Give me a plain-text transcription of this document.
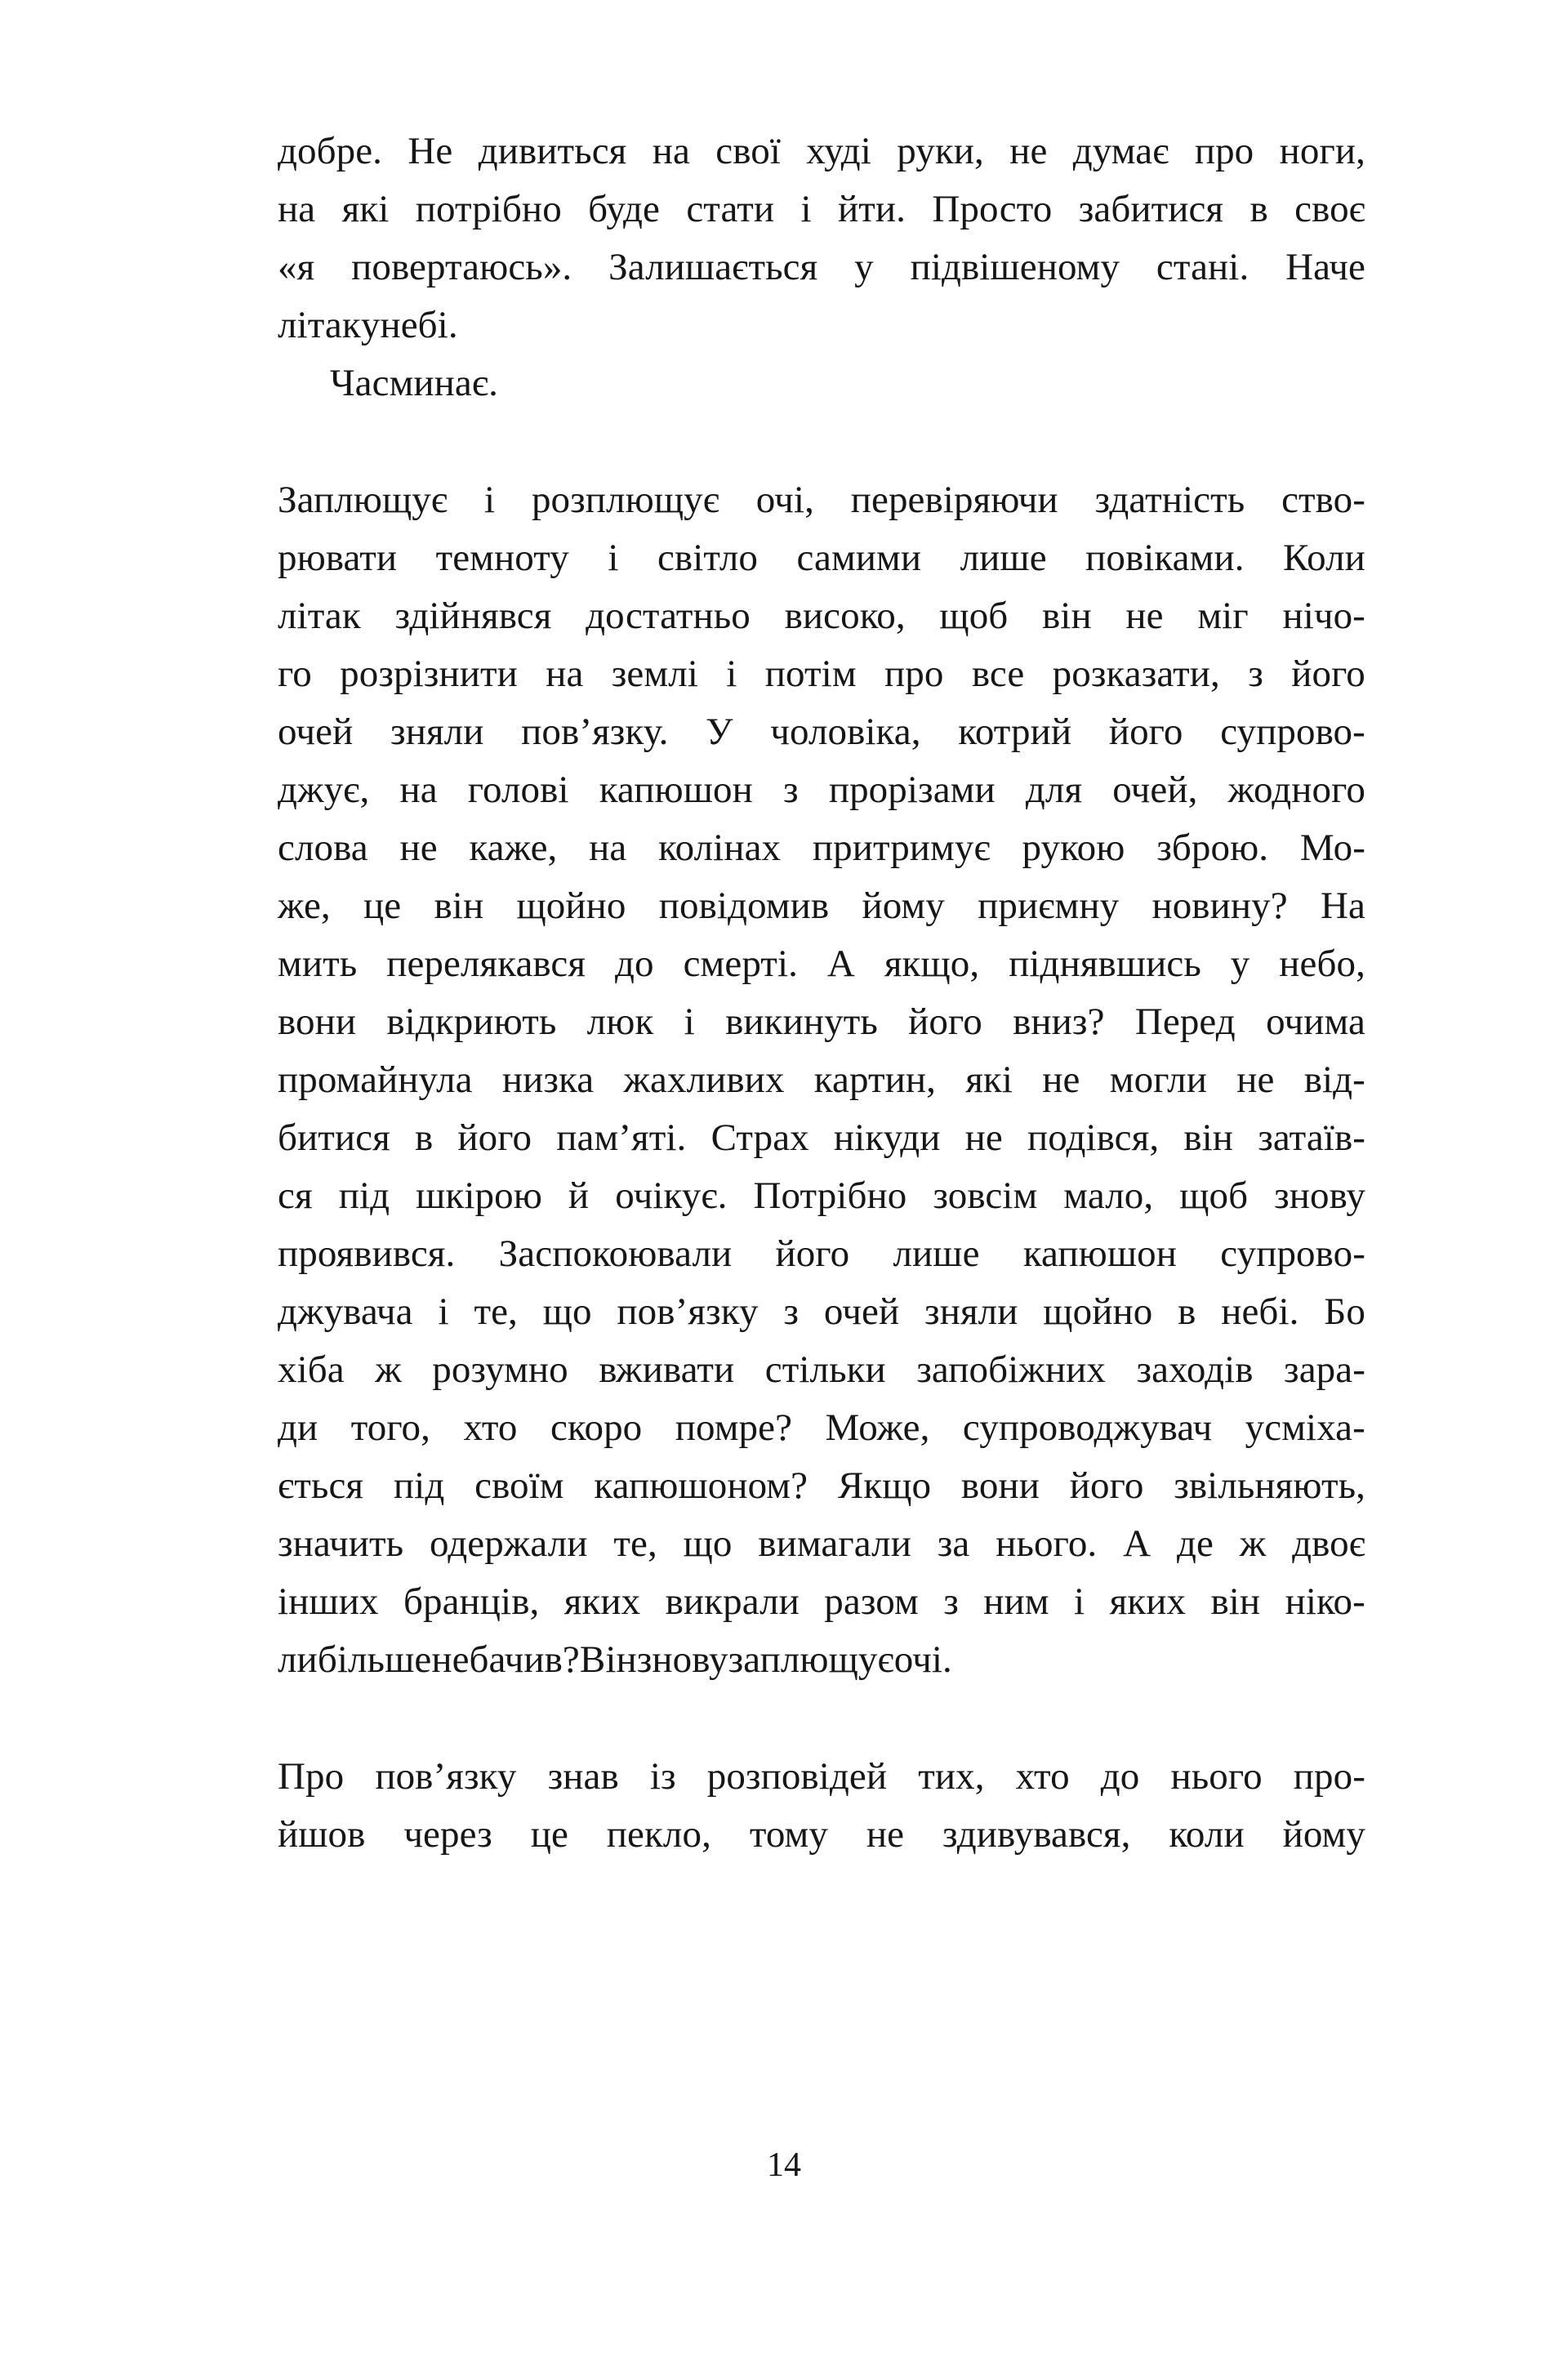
добре. Не дивиться на свої худі руки, не думає про ноги,
на які потрібно буде стати і йти. Просто забитися в своє
«я повертаюсь». Залишається у підвішеному стані. Наче
літак у небі.
Час минає.
Заплющує і розплющує очі, перевіряючи здатність ство-
рювати темноту і світло самими лише повіками. Коли
літак здійнявся достатньо високо, щоб він не міг нічо-
го розрізнити на землі і потім про все розказати, з його
очей зняли пов’язку. У чоловіка, котрий його супрово-
джує, на голові капюшон з прорізами для очей, жодного
слова не каже, на колінах притримує рукою зброю. Мо-
же, це він щойно повідомив йому приємну новину? На
мить перелякався до смерті. А якщо, піднявшись у небо,
вони відкриють люк і викинуть його вниз? Перед очима
промайнула низка жахливих картин, які не могли не від-
битися в його пам’яті. Страх нікуди не подівся, він затаїв-
ся під шкірою й очікує. Потрібно зовсім мало, щоб знову
проявився. Заспокоювали його лише капюшон супрово-
джувача і те, що пов’язку з очей зняли щойно в небі. Бо
хіба ж розумно вживати стільки запобіжних заходів зара-
ди того, хто скоро помре? Може, супроводжувач усміха-
ється під своїм капюшоном? Якщо вони його звільняють,
значить одержали те, що вимагали за нього. А де ж двоє
інших бранців, яких викрали разом з ним і яких він ніко-
ли більше не бачив? Він знову заплющує очі.
Про пов’язку знав із розповідей тих, хто до нього про-
йшов через це пекло, тому не здивувався, коли йому
14
